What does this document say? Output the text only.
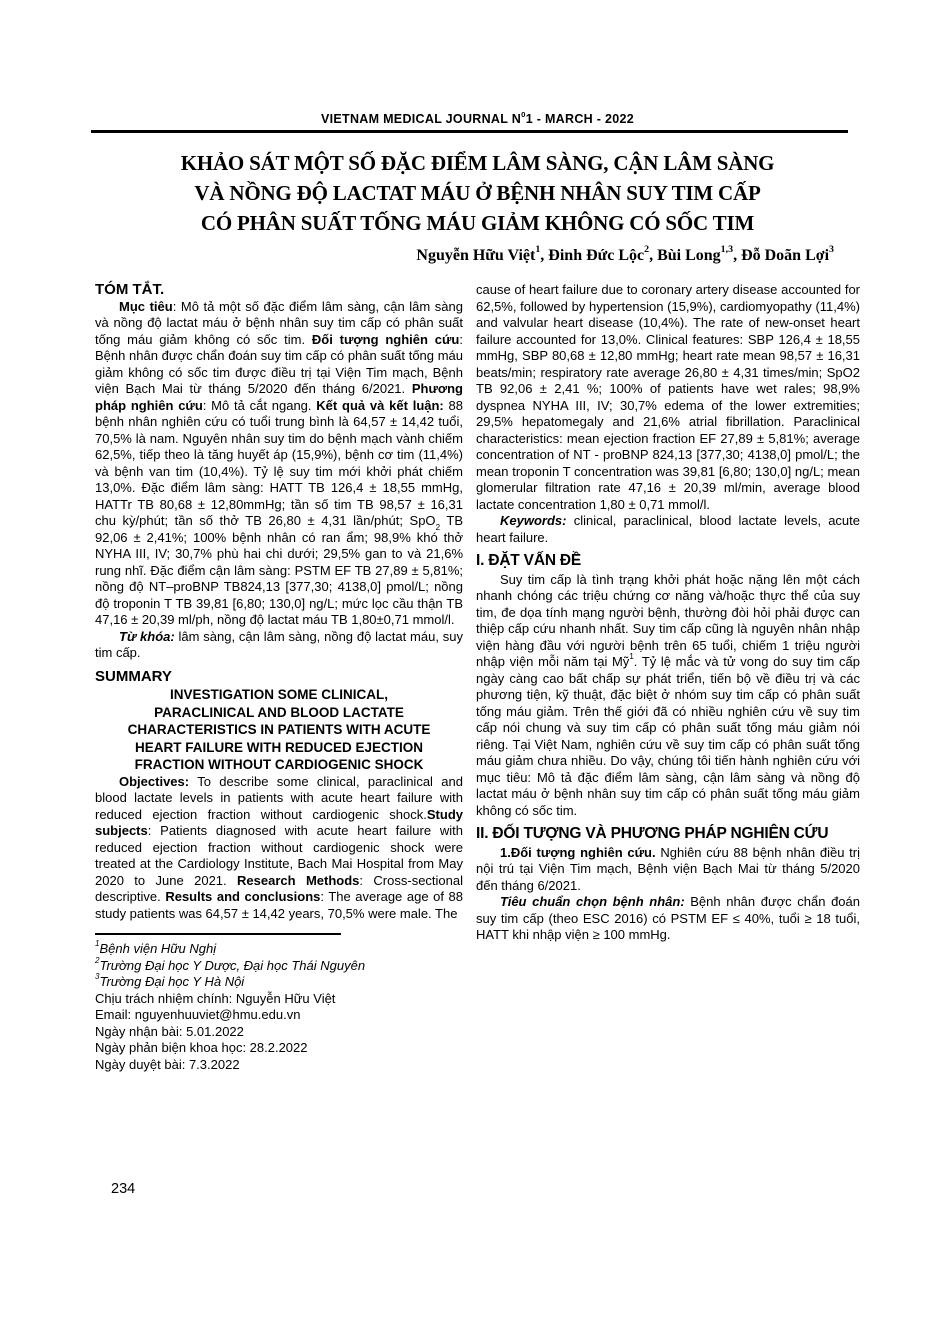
VIETNAM MEDICAL JOURNAL $N^01$ - MARCH - 2022
KHẢO SÁT MỘT SỐ ĐẶC ĐIỂM LÂM SÀNG, CẬN LÂM SÀNG
VÀ NỒNG ĐỘ LACTAT MÁU Ở BỆNH NHÂN SUY TIM CẤP
CÓ PHÂN SUẤT TỐNG MÁU GIẢM KHÔNG CÓ SỐC TIM
Nguyễn Hữu Việt$^1$, Đinh Đức Lộc$^2$, Bùi Long$^{1,3}$, Đỗ Doãn Lợi$^3$

TÓM TẮT.

Mục tiêu: Mô tả một số đặc điểm lâm sàng, cận lâm sàng và nồng độ lactat máu ở bệnh nhân suy tim cấp có phân suất tống máu giảm không có sốc tim. Đối tượng nghiên cứu: Bệnh nhân được chẩn đoán suy tim cấp có phân suất tống máu giảm không có sốc tim được điều trị tại Viện Tim mạch, Bệnh viện Bạch Mai từ tháng 5/2020 đến tháng 6/2021. Phương pháp nghiên cứu: Mô tả cắt ngang. Kết quả và kết luận: 88 bệnh nhân nghiên cứu có tuổi trung bình là 64,57 ± 14,42 tuổi, 70,5% là nam. Nguyên nhân suy tim do bệnh mạch vành chiếm 62,5%, tiếp theo là tăng huyết áp (15,9%), bệnh cơ tim (11,4%) và bệnh van tim (10,4%). Tỷ lệ suy tim mới khởi phát chiếm 13,0%. Đặc điểm lâm sàng: HATT TB 126,4 ± 18,55 mmHg, HATTr TB 80,68 ± 12,80mmHg; tần số tim TB 98,57 ± 16,31 chu kỳ/phút; tần số thở TB 26,80 ± 4,31 lần/phút; SpO$_2$ TB 92,06 ± 2,41%; 100% bệnh nhân có ran ẩm; 98,9% khó thở NYHA III, IV; 30,7% phù hai chi dưới; 29,5% gan to và 21,6% rung nhĩ. Đặc điểm cận lâm sàng: PSTM EF TB 27,89 ± 5,81%; nồng độ NT–proBNP TB824,13 [377,30; 4138,0] pmol/L; nồng độ troponin T TB 39,81 [6,80; 130,0] ng/L; mức lọc cầu thận TB 47,16 ± 20,39 ml/ph, nồng độ lactat máu TB 1,80±0,71 mmol/l.

Từ khóa: lâm sàng, cận lâm sàng, nồng độ lactat máu, suy tim cấp.

SUMMARY

INVESTIGATION SOME CLINICAL,
PARACLINICAL AND BLOOD LACTATE
CHARACTERISTICS IN PATIENTS WITH ACUTE
HEART FAILURE WITH REDUCED EJECTION
FRACTION WITHOUT CARDIOGENIC SHOCK

Objectives: To describe some clinical, paraclinical and blood lactate levels in patients with acute heart failure with reduced ejection fraction without cardiogenic shock.Study subjects: Patients diagnosed with acute heart failure with reduced ejection fraction without cardiogenic shock were treated at the Cardiology Institute, Bach Mai Hospital from May 2020 to June 2021. Research Methods: Cross-sectional descriptive. Results and conclusions: The average age of 88 study patients was 64,57 ± 14,42 years, 70,5% were male. The

$^1$Bệnh viện Hữu Nghị

$^2$Trường Đại học Y Dược, Đại học Thái Nguyên

$^3$Trường Đại học Y Hà Nội

Chịu trách nhiệm chính: Nguyễn Hữu Việt

Email: nguyenhuuviet@hmu.edu.vn

Ngày nhận bài: 5.01.2022

Ngày phản biện khoa học: 28.2.2022

Ngày duyệt bài: 7.3.2022

cause of heart failure due to coronary artery disease accounted for 62,5%, followed by hypertension (15,9%), cardiomyopathy (11,4%) and valvular heart disease (10,4%). The rate of new-onset heart failure accounted for 13,0%. Clinical features: SBP 126,4 ± 18,55 mmHg, SBP 80,68 ± 12,80 mmHg; heart rate mean 98,57 ± 16,31 beats/min; respiratory rate average 26,80 ± 4,31 times/min; SpO2 TB 92,06 ± 2,41 %; 100% of patients have wet rales; 98,9% dyspnea NYHA III, IV; 30,7% edema of the lower extremities; 29,5% hepatomegaly and 21,6% atrial fibrillation. Paraclinical characteristics: mean ejection fraction EF 27,89 ± 5,81%; average concentration of NT - proBNP 824,13 [377,30; 4138,0] pmol/L; the mean troponin T concentration was 39,81 [6,80; 130,0] ng/L; mean glomerular filtration rate 47,16 ± 20,39 ml/min, average blood lactate concentration 1,80 ± 0,71 mmol/l.

Keywords: clinical, paraclinical, blood lactate levels, acute heart failure.

I. ĐẶT VẤN ĐỀ

Suy tim cấp là tình trạng khởi phát hoặc nặng lên một cách nhanh chóng các triệu chứng cơ năng và/hoặc thực thể của suy tim, đe dọa tính mạng người bệnh, thường đòi hỏi phải được can thiệp cấp cứu nhanh nhất. Suy tim cấp cũng là nguyên nhân nhập viện hàng đầu với người bệnh trên 65 tuổi, chiếm 1 triệu người nhập viện mỗi năm tại Mỹ$^1$. Tỷ lệ mắc và tử vong do suy tim cấp ngày càng cao bất chấp sự phát triển, tiến bộ về điều trị và các phương tiện, kỹ thuật, đặc biệt ở nhóm suy tim cấp có phân suất tống máu giảm. Trên thế giới đã có nhiều nghiên cứu về suy tim cấp nói chung và suy tim cấp có phân suất tống máu giảm nói riêng. Tại Việt Nam, nghiên cứu về suy tim cấp có phân suất tống máu giảm chưa nhiều. Do vậy, chúng tôi tiến hành nghiên cứu với mục tiêu: Mô tả đặc điểm lâm sàng, cận lâm sàng và nồng độ lactat máu ở bệnh nhân suy tim cấp có phân suất tống máu giảm không có sốc tim.

II. ĐỐI TƯỢNG VÀ PHƯƠNG PHÁP NGHIÊN CỨU

1.Đối tượng nghiên cứu. Nghiên cứu 88 bệnh nhân điều trị nội trú tại Viện Tim mạch, Bệnh viện Bạch Mai từ tháng 5/2020 đến tháng 6/2021.

Tiêu chuẩn chọn bệnh nhân: Bệnh nhân được chẩn đoán suy tim cấp (theo ESC 2016) có PSTM EF ≤ 40%, tuổi ≥ 18 tuổi, HATT khi nhập viện ≥ 100 mmHg.

234
